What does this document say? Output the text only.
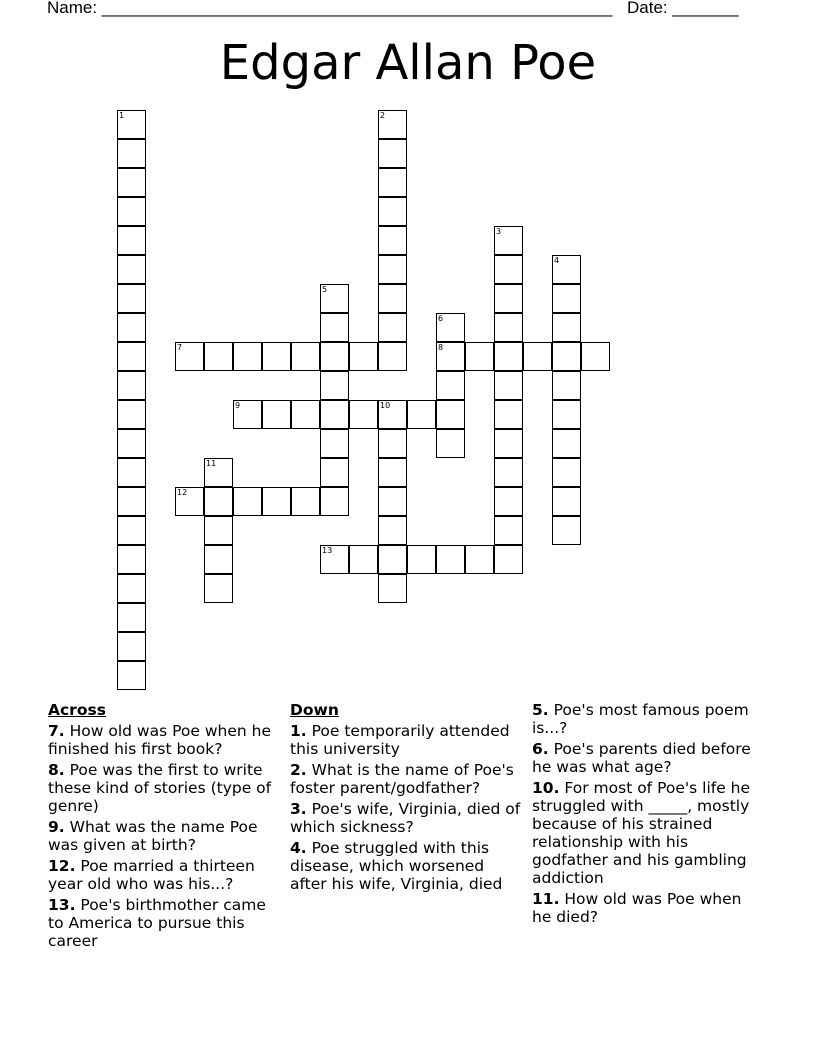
Name: ______________________________________________________ Date: _______
Edgar Allan Poe
1	2
3
4
5
6
8
7
9	10
11
12
13
Across
7. How old was Poe when he finished his first book?
8. Poe was the first to write these kind of stories (type of genre)
9. What was the name Poe was given at birth?
12. Poe married a thirteen year old who was his...?
13. Poe's birthmother came to America to pursue this career
Down
1. Poe temporarily attended this university
2. What is the name of Poe's foster parent/godfather?
3. Poe's wife, Virginia, died of which sickness?
4. Poe struggled with this disease, which worsened after his wife, Virginia, died
5. Poe's most famous poem is...?
6. Poe's parents died before he was what age?
10. For most of Poe's life he struggled with _____, mostly because of his strained relationship with his godfather and his gambling addiction
11. How old was Poe when he died?
